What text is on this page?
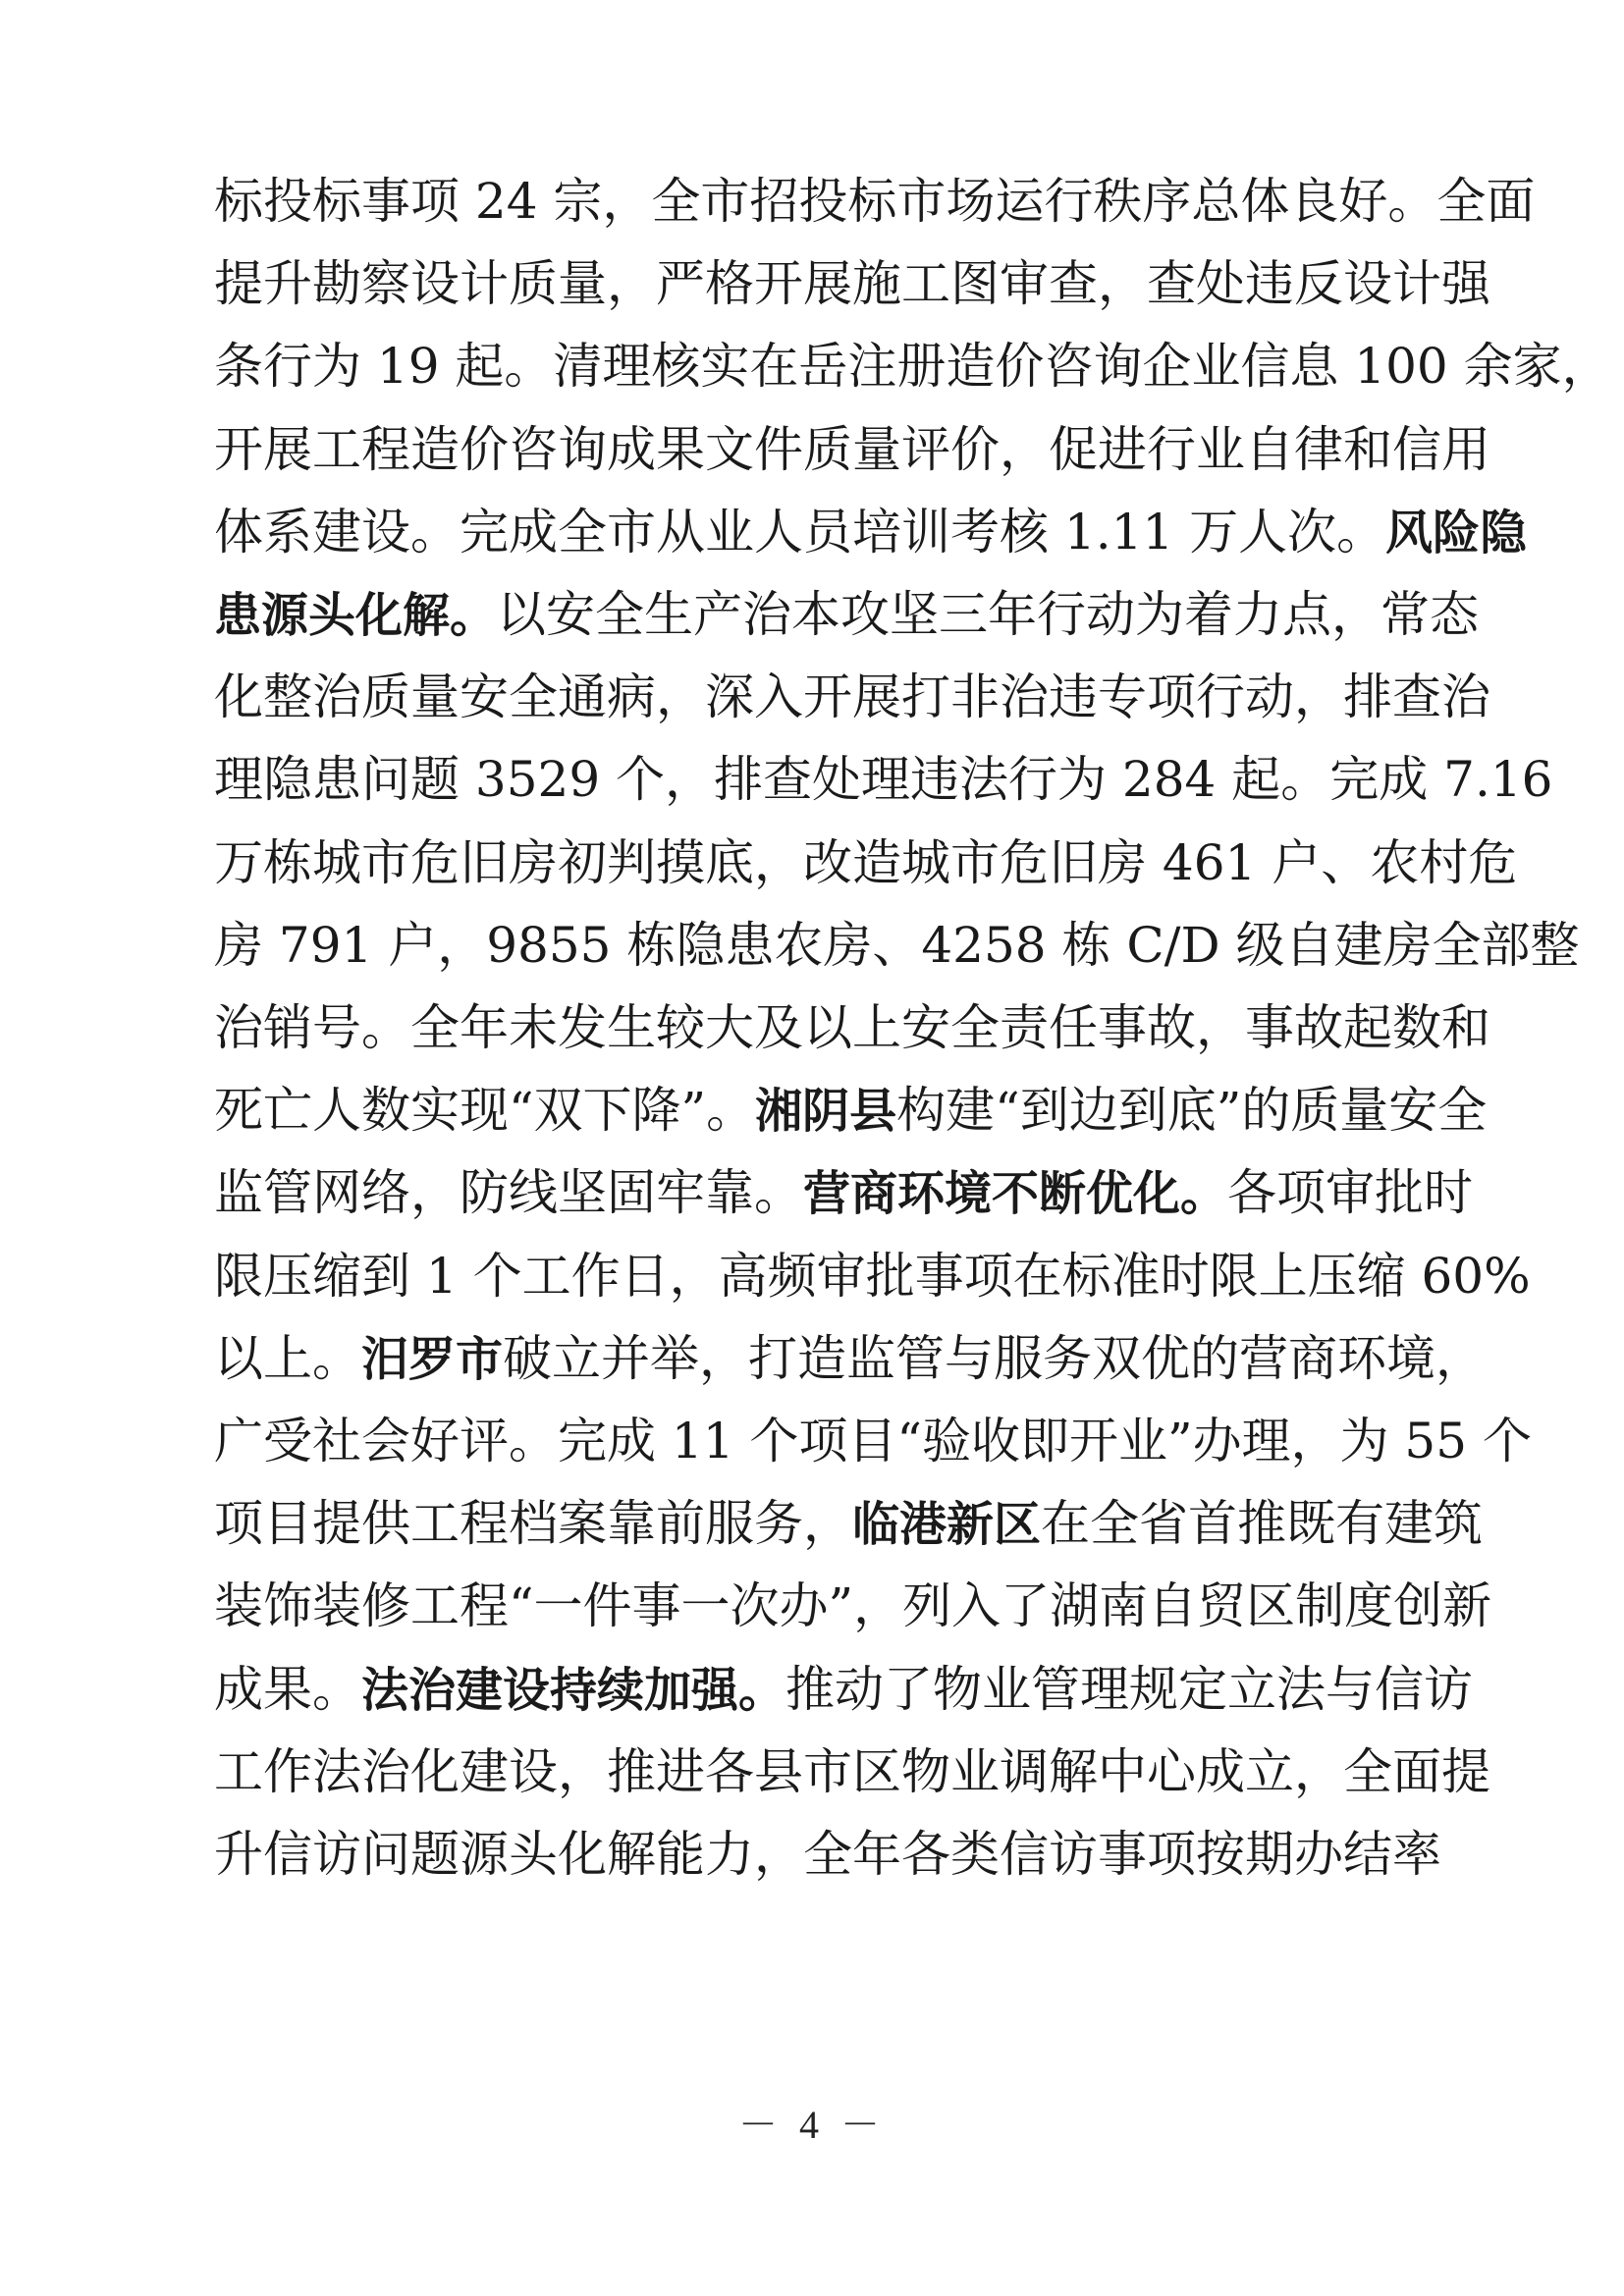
标投标事项 24 宗，全市招投标市场运行秩序总体良好。全面
提升勘察设计质量，严格开展施工图审查，查处违反设计强
条行为 19 起。清理核实在岳注册造价咨询企业信息 100 余家，
开展工程造价咨询成果文件质量评价，促进行业自律和信用
体系建设。完成全市从业人员培训考核 1.11 万人次。风险隐
患源头化解。以安全生产治本攻坚三年行动为着力点，常态
化整治质量安全通病，深入开展打非治违专项行动，排查治
理隐患问题 3529 个，排查处理违法行为 284 起。完成 7.16
万栋城市危旧房初判摸底，改造城市危旧房 461 户、农村危
房 791 户，9855 栋隐患农房、4258 栋 C/D 级自建房全部整
治销号。全年未发生较大及以上安全责任事故，事故起数和
死亡人数实现“双下降”。湘阴县构建“到边到底”的质量安全
监管网络，防线坚固牢靠。营商环境不断优化。各项审批时
限压缩到 1 个工作日，高频审批事项在标准时限上压缩 60%
以上。汨罗市破立并举，打造监管与服务双优的营商环境，
广受社会好评。完成 11 个项目“验收即开业”办理，为 55 个
项目提供工程档案靠前服务，临港新区在全省首推既有建筑
装饰装修工程“一件事一次办”，列入了湖南自贸区制度创新
成果。法治建设持续加强。推动了物业管理规定立法与信访
工作法治化建设，推进各县市区物业调解中心成立，全面提
升信访问题源头化解能力，全年各类信访事项按期办结率
－ 4 －
